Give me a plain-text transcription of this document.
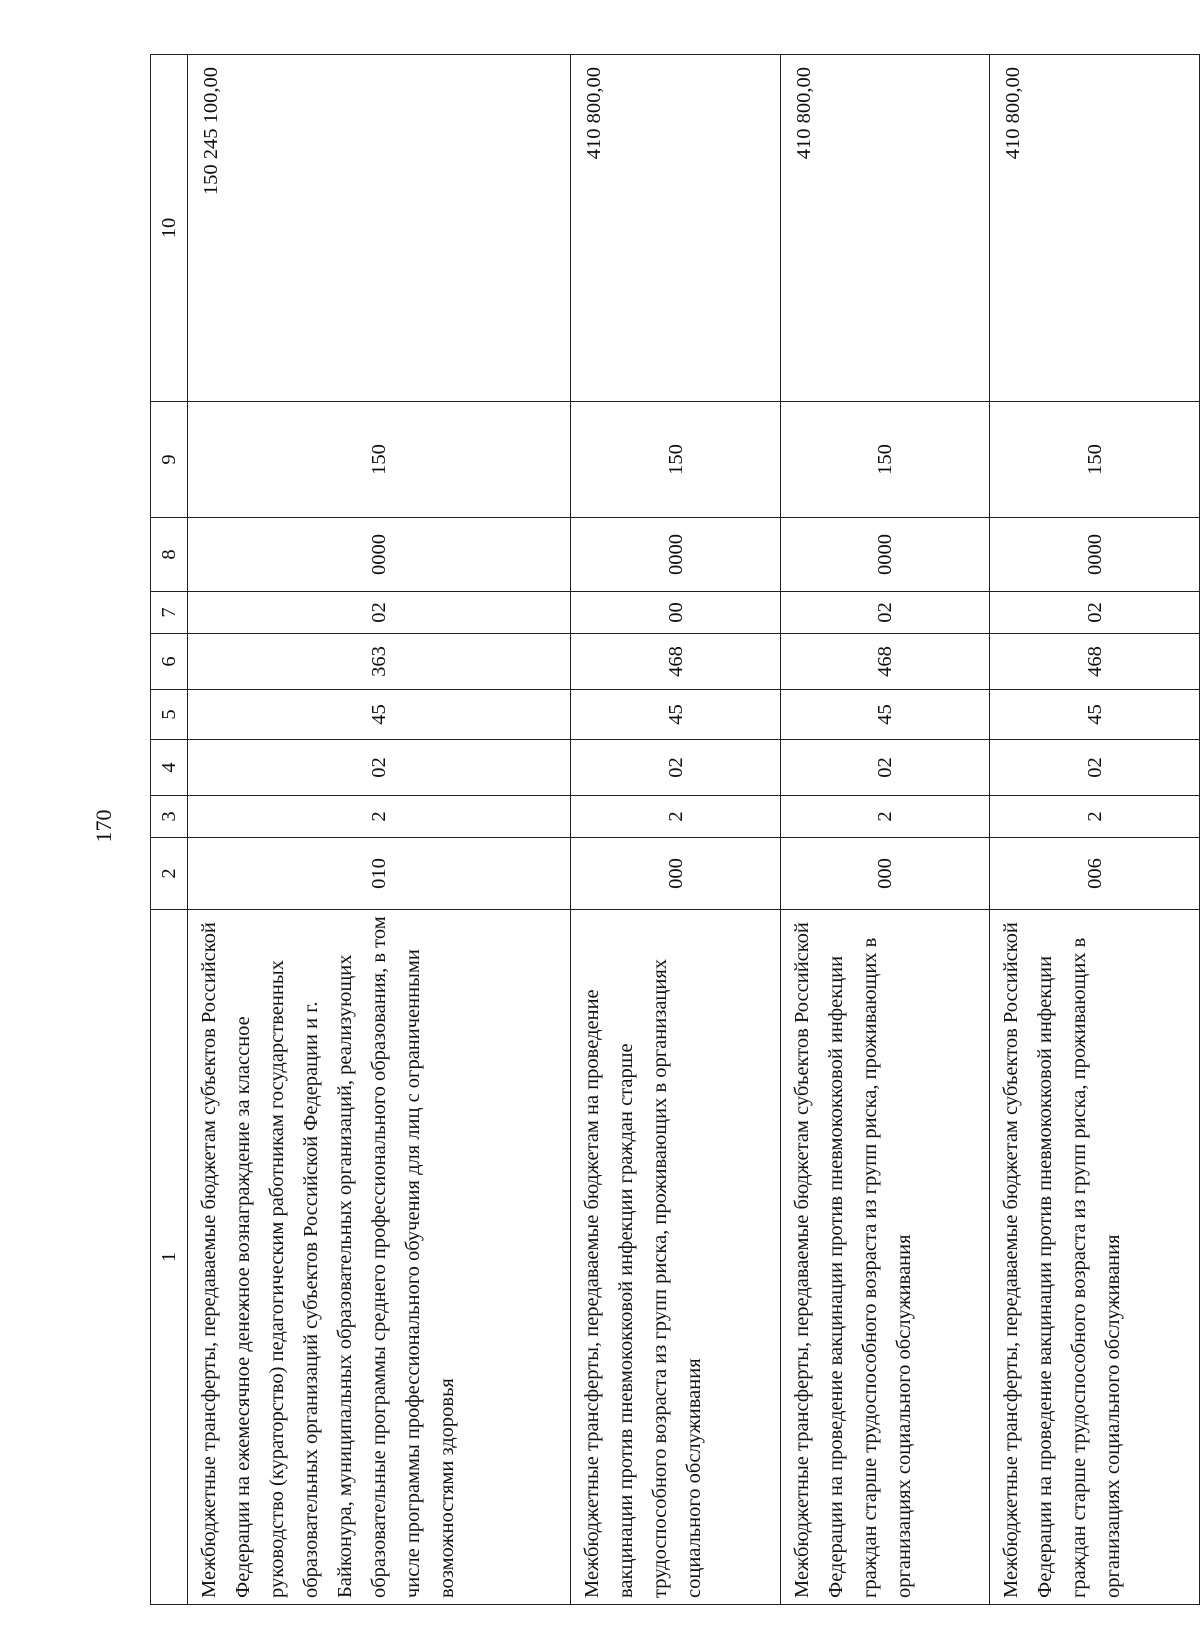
170
1	2	3	4	5	6	7	8	9	10
Межбюджетные трансферты, передаваемые бюджетам субъектов Российской Федерации на ежемесячное денежное вознаграждение за классное руководство (кураторство) педагогическим работникам государственных образовательных организаций субъектов Российской Федерации и г. Байконура, муниципальных образовательных организаций, реализующих образовательные программы среднего профессионального образования, в том числе программы профессионального обучения для лиц с ограниченными возможностями здоровья	010	2	02	45	363	02	0000	150	150 245 100,00
Межбюджетные трансферты, передаваемые бюджетам на проведение вакцинации против пневмококковой инфекции граждан старше трудоспособного возраста из групп риска, проживающих в организациях социального обслуживания	000	2	02	45	468	00	0000	150	410 800,00
Межбюджетные трансферты, передаваемые бюджетам субъектов Российской Федерации на проведение вакцинации против пневмококковой инфекции граждан старше трудоспособного возраста из групп риска, проживающих в организациях социального обслуживания	000	2	02	45	468	02	0000	150	410 800,00
Межбюджетные трансферты, передаваемые бюджетам субъектов Российской Федерации на проведение вакцинации против пневмококковой инфекции граждан старше трудоспособного возраста из групп риска, проживающих в организациях социального обслуживания	006	2	02	45	468	02	0000	150	410 800,00
